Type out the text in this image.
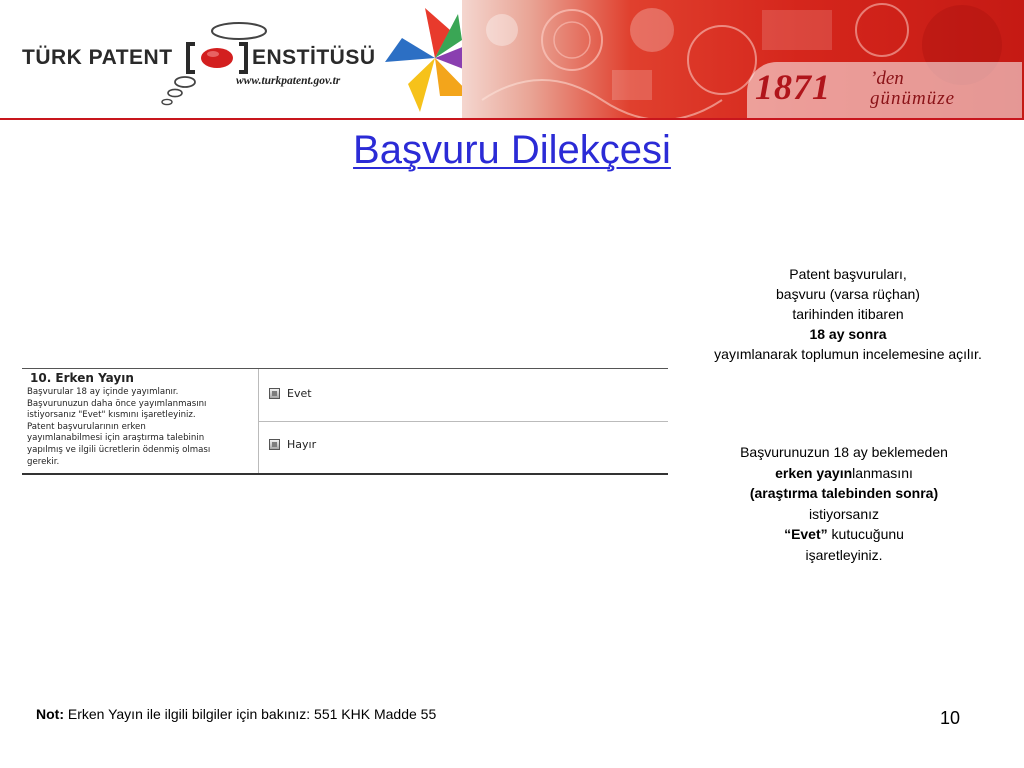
TÜRK PATENT	ENSTİTÜSÜ
www.turkpatent.gov.tr	1871 ’den
günümüze
Başvuru Dilekçesi
10. Erken Yayın
Başvurular 18 ay içinde yayımlanır.
Başvurunuzun daha önce yayımlanmasını
istiyorsanız "Evet" kısmını işaretleyiniz.
Patent başvurularının erken
yayımlanabilmesi için araştırma talebinin
yapılmış ve ilgili ücretlerin ödenmiş olması
gerekir.
Evet
Hayır
Patent başvuruları,
başvuru (varsa rüçhan)
tarihinden itibaren
18 ay sonra
yayımlanarak toplumun incelemesine açılır.
Başvurunuzun 18 ay beklemeden
erken yayınlanmasını
(araştırma talebinden sonra)
istiyorsanız
“Evet” kutucuğunu
işaretleyiniz.
Not: Erken Yayın ile ilgili bilgiler için bakınız: 551 KHK Madde 55	10
